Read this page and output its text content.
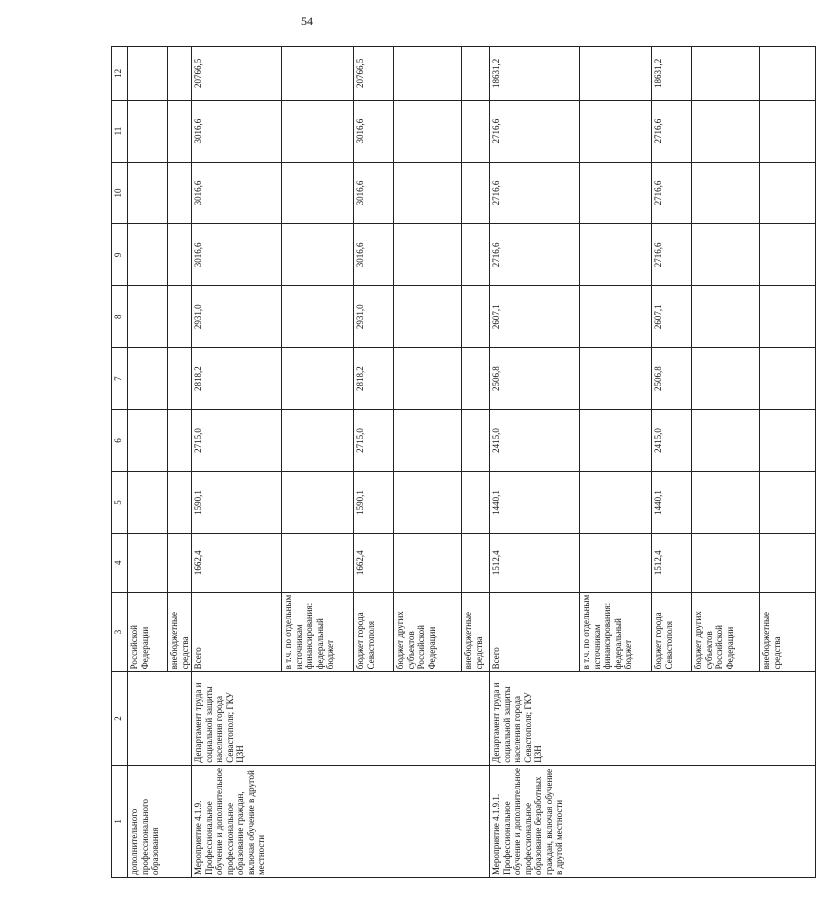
54
1	2	3	4	5	6	7	8	9	10	11	12
дополнительного профессионального образования		Российской Федерации									
		внебюджетные средства									
Мероприятие 4.1.9. Профессиональное обучение и дополнительное профессиональное образование граждан, включая обучение в другой местности	Департамент труда и социальной защиты населения города Севастополя; ГКУ ЦЗН	Всего	1662,4	1590,1	2715,0	2818,2	2931,0	3016,6	3016,6	3016,6	20766,5
		в т.ч. по отдельным источникам финансирования: федеральный бюджет									
		бюджет города Севастополя	1662,4	1590,1	2715,0	2818,2	2931,0	3016,6	3016,6	3016,6	20766,5
		бюджет других субъектов Российской Федерации									
		внебюджетные средства									
Мероприятие 4.1.9.1. Профессиональное обучение и дополнительное профессиональное образование безработных граждан, включая обучение в другой местности	Департамент труда и социальной защиты населения города Севастополя; ГКУ ЦЗН	Всего	1512,4	1440,1	2415,0	2506,8	2607,1	2716,6	2716,6	2716,6	18631,2
		в т.ч. по отдельным источникам финансирования: федеральный бюджет									
		бюджет города Севастополя	1512,4	1440,1	2415,0	2506,8	2607,1	2716,6	2716,6	2716,6	18631,2
		бюджет других субъектов Российской Федерации									
		внебюджетные средства									
